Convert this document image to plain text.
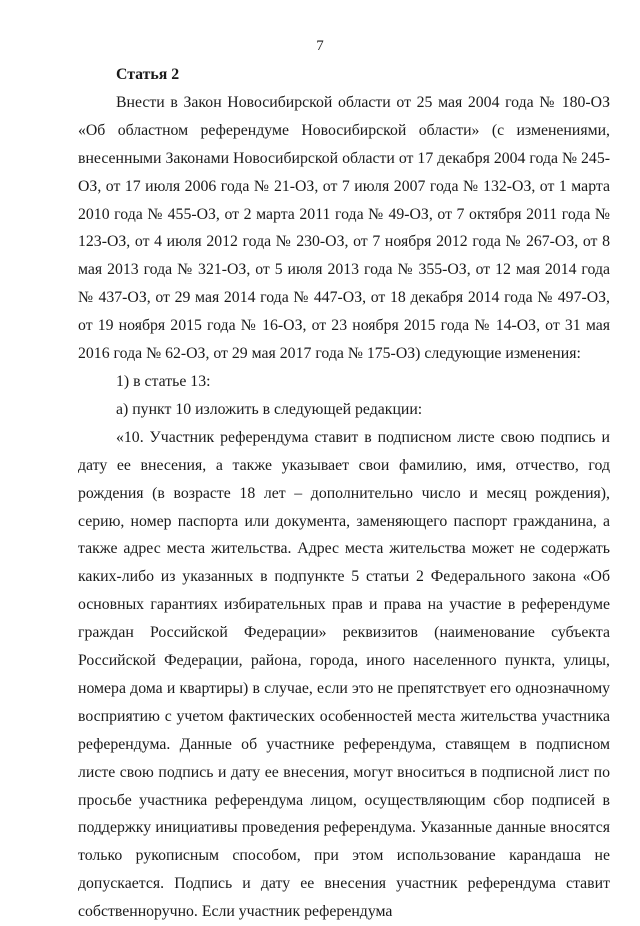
7

Статья 2

Внести в Закон Новосибирской области от 25 мая 2004 года № 180-ОЗ «Об областном референдуме Новосибирской области» (с изменениями, внесенными Законами Новосибирской области от 17 декабря 2004 года № 245-ОЗ, от 17 июля 2006 года № 21-ОЗ, от 7 июля 2007 года № 132-ОЗ, от 1 марта 2010 года № 455-ОЗ, от 2 марта 2011 года № 49-ОЗ, от 7 октября 2011 года № 123-ОЗ, от 4 июля 2012 года № 230-ОЗ, от 7 ноября 2012 года № 267-ОЗ, от 8 мая 2013 года № 321-ОЗ, от 5 июля 2013 года № 355-ОЗ, от 12 мая 2014 года № 437-ОЗ, от 29 мая 2014 года № 447-ОЗ, от 18 декабря 2014 года № 497-ОЗ, от 19 ноября 2015 года № 16-ОЗ, от 23 ноября 2015 года № 14-ОЗ, от 31 мая 2016 года № 62-ОЗ, от 29 мая 2017 года № 175-ОЗ) следующие изменения:

1) в статье 13:

а) пункт 10 изложить в следующей редакции:

«10. Участник референдума ставит в подписном листе свою подпись и дату ее внесения, а также указывает свои фамилию, имя, отчество, год рождения (в возрасте 18 лет – дополнительно число и месяц рождения), серию, номер паспорта или документа, заменяющего паспорт гражданина, а также адрес места жительства. Адрес места жительства может не содержать каких-либо из указанных в подпункте 5 статьи 2 Федерального закона «Об основных гарантиях избирательных прав и права на участие в референдуме граждан Российской Федерации» реквизитов (наименование субъекта Российской Федерации, района, города, иного населенного пункта, улицы, номера дома и квартиры) в случае, если это не препятствует его однозначному восприятию с учетом фактических особенностей места жительства участника референдума. Данные об участнике референдума, ставящем в подписном листе свою подпись и дату ее внесения, могут вноситься в подписной лист по просьбе участника референдума лицом, осуществляющим сбор подписей в поддержку инициативы проведения референдума. Указанные данные вносятся только рукописным способом, при этом использование карандаша не допускается. Подпись и дату ее внесения участник референдума ставит собственноручно. Если участник референдума
